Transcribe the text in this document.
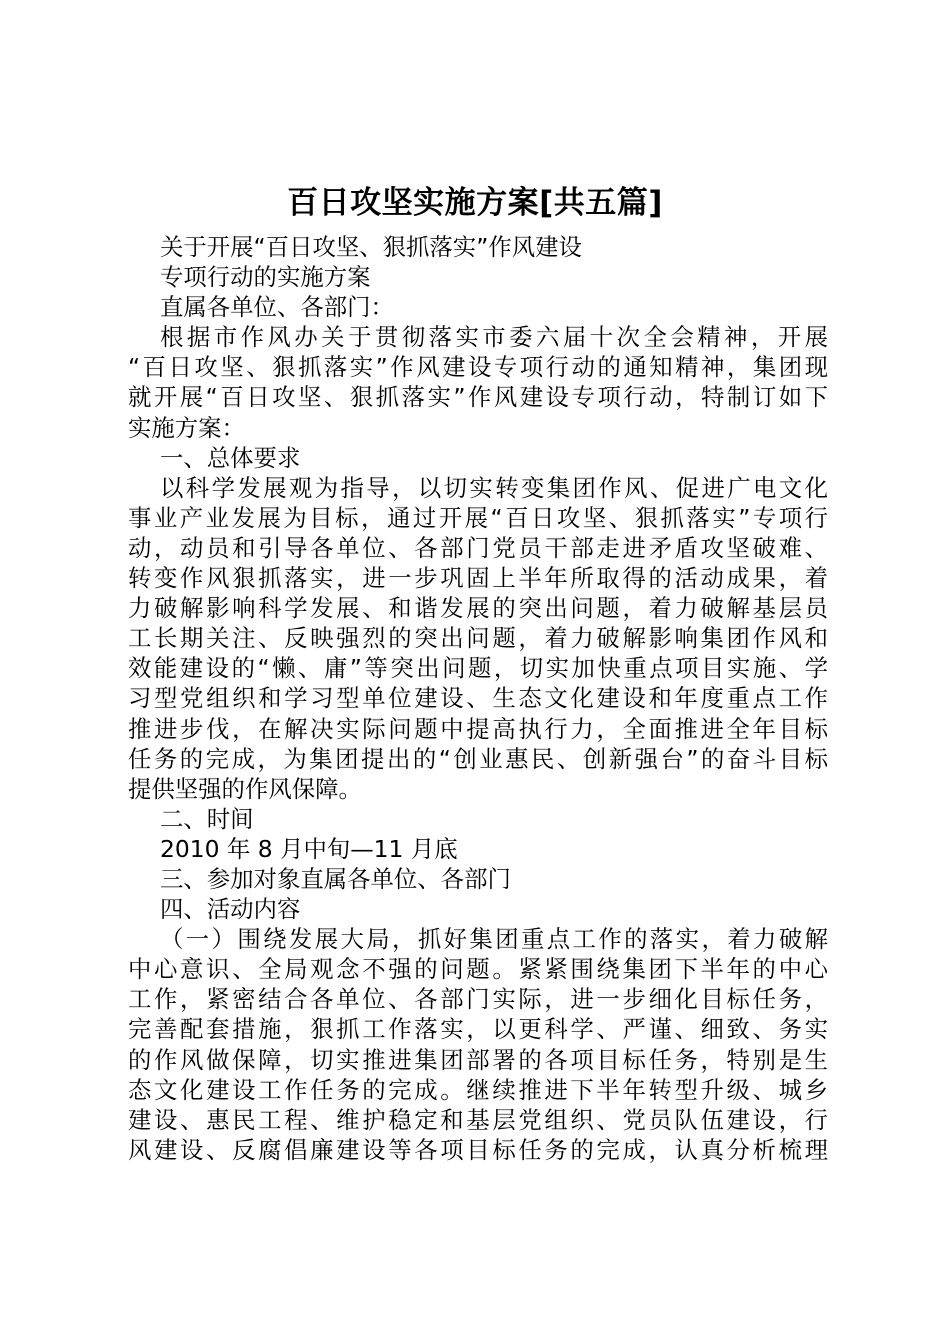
百日攻坚实施方案[共五篇]
关于开展“百日攻坚、狠抓落实”作风建设
专项行动的实施方案
直属各单位、各部门：
根据市作风办关于贯彻落实市委六届十次全会精神，开展
“百日攻坚、狠抓落实”作风建设专项行动的通知精神，集团现
就开展“百日攻坚、狠抓落实”作风建设专项行动，特制订如下
实施方案：
一、总体要求
以科学发展观为指导，以切实转变集团作风、促进广电文化
事业产业发展为目标，通过开展“百日攻坚、狠抓落实”专项行
动，动员和引导各单位、各部门党员干部走进矛盾攻坚破难、
转变作风狠抓落实，进一步巩固上半年所取得的活动成果，着
力破解影响科学发展、和谐发展的突出问题，着力破解基层员
工长期关注、反映强烈的突出问题，着力破解影响集团作风和
效能建设的“懒、庸”等突出问题，切实加快重点项目实施、学
习型党组织和学习型单位建设、生态文化建设和年度重点工作
推进步伐，在解决实际问题中提高执行力，全面推进全年目标
任务的完成，为集团提出的“创业惠民、创新强台”的奋斗目标
提供坚强的作风保障。
二、时间
2010 年 8 月中旬—11 月底
三、参加对象直属各单位、各部门
四、活动内容
（一）围绕发展大局，抓好集团重点工作的落实，着力破解
中心意识、全局观念不强的问题。紧紧围绕集团下半年的中心
工作，紧密结合各单位、各部门实际，进一步细化目标任务，
完善配套措施，狠抓工作落实，以更科学、严谨、细致、务实
的作风做保障，切实推进集团部署的各项目标任务，特别是生
态文化建设工作任务的完成。继续推进下半年转型升级、城乡
建设、惠民工程、维护稳定和基层党组织、党员队伍建设，行
风建设、反腐倡廉建设等各项目标任务的完成，认真分析梳理
